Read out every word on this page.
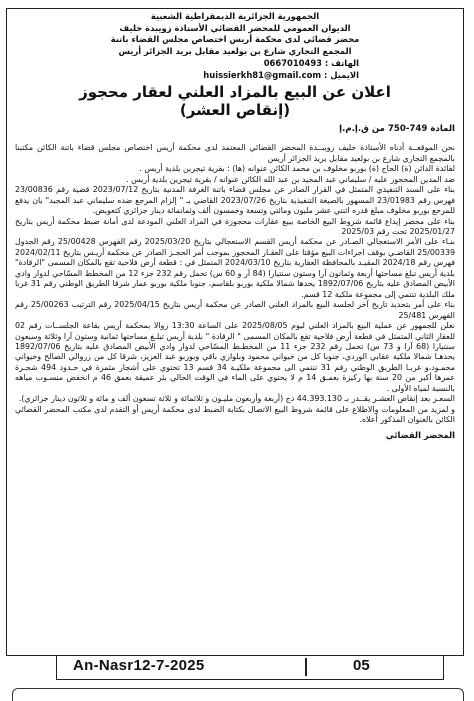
الجمهورية الجزائرية الديمقراطية الشعبية
الديوان العمومي للمحضر القضائي الأستاذة زويبدة خليف
محضر قضائي لدى محكمة أريس اختصاص مجلس القضاء باتنة
المجمع التجاري شارع بن بولعيد مقابل بريد الجزائر أريس
الهاتف : 0667010493
الايميل : huissierkh81@gmail.com
اعلان عن البيع بالمزاد العلني لعقار محجوز
(إنقاص العشر)
المادة 749-750 من ق.إ.م.إ

نحن الموقعــة أدناه الأستاذة خليف زويبــدة المحضر القضائي المعتمد لدى محكمة أريس اختصاص مجلس قضاء باتنة الكائن مكتبنا بالمجمع التجاري شارع بن بولعيد مقابل بريد الجزائر أريس

لفائدة الدائن (ة) الحاج (ة) بوربو مخلوف بن محمد الكائن عنوانه (ها) : بقرية تيجرين بلدية أريس .

ضد المدين المحجوز عليه / سليماني عبد المجيد بن عبد الله الكائن عنوانه / بقرية تيجرين بلدية أريس .

بناء على السند التنفيذي المتمثل في القرار الصادر عن مجلس قضاء باتنة الغرفة المدنية بتاريخ 2023/07/12 قضية رقم 23/00836 فهرس رقم 23/01983 المسهور بالصيغة التنفيذية بتاريخ 2023/07/26 القاضي بـ " إلزام المرجع ضده سليماني عبد المجيد" بان يدفع للمرجع بوربو مخلوف مبلغ قدره اثنتي عشر مليون ومائتي وتسعة وخمسون ألف وثمانمائة دينار جزائري كتعويض.

بناء على محضر إيداع قائمة شروط البيع الخاصة ببيع عقارات محجوزة في المزاد العلني المودعة لدى أمانة ضبط محكمة أريس بتاريخ 2025/01/27 تحت رقم 2025/03

بنـاء على الأمر الاستعجالي الصـادر عن محكمة أريس القسم الاستعجالي بتاريخ 2025/03/20 رقم الفهرس 25/00428 رقم الجدول 25/00339 القاضـي بوقف اجراءات البيع مؤقتا على العقـار المحجوز بموجب أمر الحجـز الصادر عن محكمة أريـس بتاريخ 2024/02/11 فهرس رقم 2024/18 المقيـد بالمحافظة العقارية بتاريخ 2024/03/10 المتمثل في : قطعة أرض فلاحية تقع بالمكان المسمى "الرقادة" بلدية أريس تبلغ مساحتها أربعة وثمانون آرا وستون سنتيارا (84 آر و 60 س) تحمل رقم 232 جزء 12 من المخطط المسّاحي لدوار وادي الأبيض المصادق عليه بتاريخ 1892/07/06 يحدها شمالا ملكية بوربو بلقاسم، جنوبا ملكية بوربو عمار شرقا الطريق الوطني رقم 31 غربا ملك البلدية تنتمي إلى مجموعة ملكية 12 قسم.

بناء على أمر بتحديد تاريخ آخر لجلسة البيع بالمزاد العلني الصادر عن محكمة أريس بتاريخ 2025/04/15 رقم الترتيب 25/00263 رقم الفهرس 25/481

نعلن للجمهور عن عملية البيع بالمزاد العلني ليوم 2025/08/05 على الساعة 13:30 زوالا بمحكمة أريس بقاعة الجلســات رقم 02 للعقار الثاني المتمثل في قطعة أرض فلاحية تقع بالمكان المسمى " الرقادة " بلدية أريس تبلـغ مساحتها ثمانية وستون آرا وثلاثة وسبعون سنتيارا (68 آرا و 73 س) تحمل رقم 232 جزء 11 من المخطـط المسّاحي لدوار وادي الأبيض المصادق عليه بتاريخ 1892/07/06 يحدهـا شمالا ملكية عقابي الوردي، جنوبا كل من خيواني محمود وبلوازي باقي وبوربو عبد العزيز، شرقا كل من زروالي الصالح وخيواني محمـود،و غربـا الطريق الوطني رقم 31 تنتمي الى مجموعة ملكيـة 34 قسم 13 تحتوي على أشجار مثمرة في حـدود 494 شجـرة عمرها أكبر من 20 سنة بها ركيزة بعمـق 14 م لا يحتوي على الماء في الوقت الحالي بئر عميقة بعمق 46 م انخفض منسـوب مياهه بالنسبة لمياه الأولى .

السعـر بعد إنقاص العشـر يقــدر بـ 44.393.130 دج (أربعة وأربعون مليـون و ثلاثمائة و ثلاثة تسعون ألف و مائة و ثلاثون دينار جزائري).

و لمزيد من المعلومات والاطلاع على قائمة شروط البيع الاتصال بكتابة الضبط لدى محكمة أريس أو التقدم لدى مكتب المحضر القضائي الكائن بالعنوان المذكور أعلاه.

المحضر القضائي
An-Nasr12-7-2025	05
